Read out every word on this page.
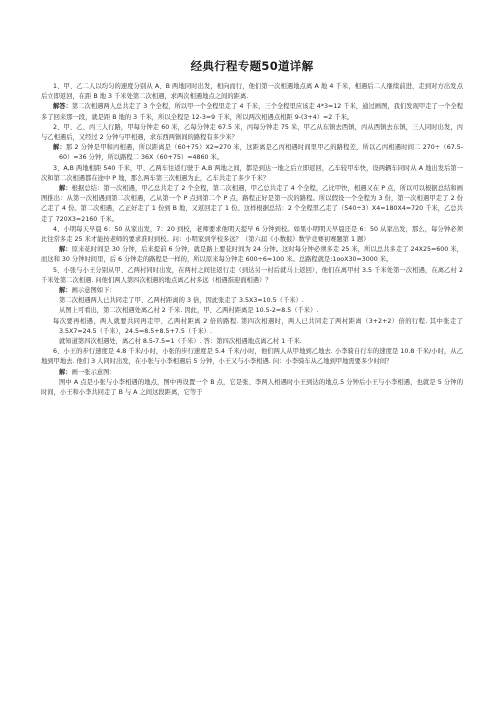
经典行程专题50道详解

1、甲、乙二人以均匀的速度分别从 A、B 两地同时出发，相向而行，他们第一次相遇地点离 A 地 4 千米，相遇后二人继续前进，走到对方出发点后立即返回，在距 B 地 3 千米处第二次相遇，求两次相遇地点之间的距离.

解答：第二次相遇两人总共走了 3 个全程，所以甲一个全程里走了 4 千米，三个全程里应该走 4*3=12 千米，通过画图，我们发现甲走了一个全程多了回来那一段，就是距 B 地的 3 千米，所以全程是 12-3=9 千米，所以两次相遇点相距 9-(3+4）=2 千米。

2、甲、乙、丙三人行路，甲每分钟走 60 米，乙每分钟走 67.5 米，丙每分钟走 75 米，甲乙从东镇去西镇，丙从西镇去东镇，三人同时出发，丙与乙相遇后，又经过 2 分钟与甲相遇，求东西两镇间的路程有多少米？

解：那 2 分钟是甲和丙相遇，所以距离是（60+75）X2=270 米，这距离是乙丙相遇时间里甲乙的路程差，所以乙丙相遇时间二 270÷（67.5-60）=36 分钟，所以路程二 36X（60+75）=4860 米。

3、A,B 两地相距 540 千米，甲、乙两车往返行驶于 A,B 两地之间，都是到达一地之后立即返回，乙车较甲车快，设两辆车同时从 A 地出发后第一次和第二次相遇都在途中 P 地，那么两车第三次相遇为止，乙车共走了多少千米？

解：根据总结：第一次相遇，甲乙总共走了 2 个全程，第二次相遇，甲乙总共走了 4 个全程，乙比甲快，相遇又在 P 点，所以可以根据总结和画图推出：从第一次相遇到第二次相遇，乙从第一个 P 点到第二个 P 点，路程正好是第一次的路程。所以假设一个全程为 3 份，第一次相遇甲走了 2 份乙走了 4 份。第二次相遇，乙正好走了 1 份到 B 地，又返回走了 1 份。这样根据总结：2 个全程里乙走了（540÷3）X4=180X4=720 千米，乙总共走了 720X3=2160 千米。

4、小明每天早晨 6：50 从家出发，7：20 到校，老师要求他明天提早 6 分钟到校。如果小明明天早晨还是 6：50 从家出发，那么，每分钟必须比往常多走 25 米才能按老师的要求准时到校。问：小明家到学校多远？（第六届《小数报》数学竞赛初赛题第 1 题）

解：原来花时间是 30 分钟，后来提前 6 分钟，就是路上要花时间为 24 分钟。这时每分钟必须多走 25 米，所以总共多走了 24X25=600 米，而这和 30 分钟时间里，后 6 分钟走的路程是一样的，所以原来每分钟走 600÷6=100 米。总路程就是:1ooX30=3000 米。

5、小张与小王分别从甲、乙两村同时出发，在两村之间往返行走（到达另一村后就马上返回），他们在离甲村 3.5 千米处第一次相遇，在离乙村 2 千米处第二次相遇. 问他们两人第四次相遇的地点离乙村多远（相遇指迎面相遇）？

解：画示意图如下：

第二次相遇两人已共同走了甲、乙两村距离的 3 倍，因此张走了 3.5X3=10.5（千米）.

从图上可看出，第二次相遇处离乙村 2 千米. 因此，甲、乙两村距离是 10.5-2=8.5（千米）.

每次要再相遇，两人就要共同再走甲、乙两村距离 2 倍的路程. 第四次相遇时，两人已共同走了两村距离（3+2+2）倍的行程. 其中张走了 3.5X7=24.5（千米），24.5=8.5+8.5+7.5（千米）.

就知道第四次相遇处，离乙村 8.5-7.5=1（千米）. 答：第四次相遇地点离乙村 1 千米.

6、小王的步行速度是 4.8 千米/小时，小张的步行速度是 5.4 千米/小时，他们两人从甲地到乙地去. 小李骑自行车的速度是 10.8 千米/小时，从乙地到甲地去. 他们 3 人同时出发，在小张与小李相遇后 5 分钟，小王又与小李相遇. 问：小李骑车从乙地到甲地需要多少时间？

解：画一张示意图：

图中 A 点是小张与小李相遇的地点，图中再设置一个 B 点，它是张、李两人相遇时小王到达的地点.5 分钟后小王与小李相遇，也就是 5 分钟的时间，小王和小李共同走了 B 与 A 之间这段距离，它等于
